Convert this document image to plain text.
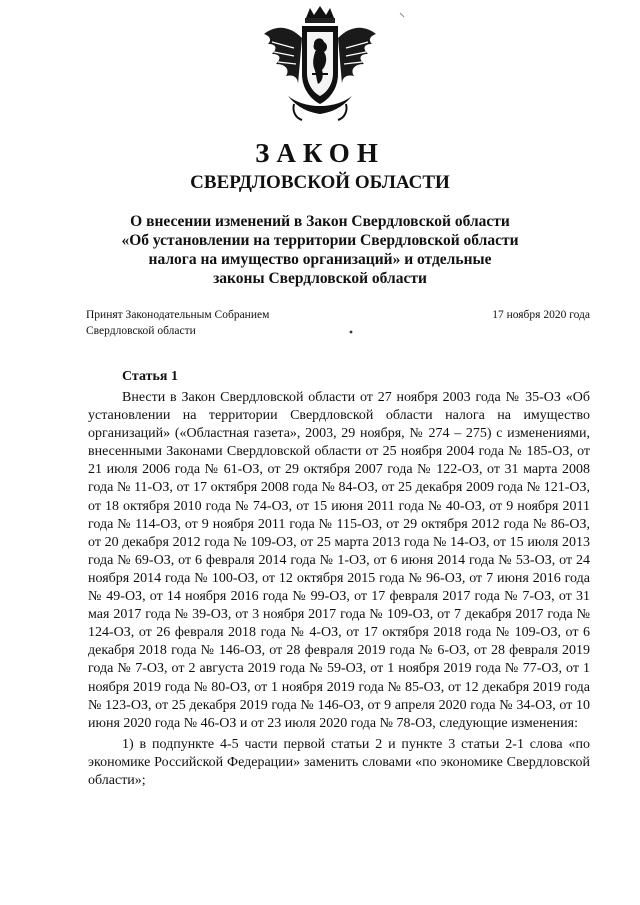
ЗАКОН
СВЕРДЛОВСКОЙ ОБЛАСТИ
О внесении изменений в Закон Свердловской области
«Об установлении на территории Свердловской области
налога на имущество организаций» и отдельные
законы Свердловской области
Принят Законодательным Собранием
Свердловской области
17 ноября 2020 года
Статья 1

Внести в Закон Свердловской области от 27 ноября 2003 года № 35-ОЗ «Об установлении на территории Свердловской области налога на имущество организаций» («Областная газета», 2003, 29 ноября, № 274 – 275) с изменениями, внесенными Законами Свердловской области от 25 ноября 2004 года № 185-ОЗ, от 21 июля 2006 года № 61-ОЗ, от 29 октября 2007 года № 122-ОЗ, от 31 марта 2008 года № 11-ОЗ, от 17 октября 2008 года № 84-ОЗ, от 25 декабря 2009 года № 121-ОЗ, от 18 октября 2010 года № 74-ОЗ, от 15 июня 2011 года № 40-ОЗ, от 9 ноября 2011 года № 114-ОЗ, от 9 ноября 2011 года № 115-ОЗ, от 29 октября 2012 года № 86-ОЗ, от 20 декабря 2012 года № 109-ОЗ, от 25 марта 2013 года № 14-ОЗ, от 15 июля 2013 года № 69-ОЗ, от 6 февраля 2014 года № 1-ОЗ, от 6 июня 2014 года № 53-ОЗ, от 24 ноября 2014 года № 100-ОЗ, от 12 октября 2015 года № 96-ОЗ, от 7 июня 2016 года № 49-ОЗ, от 14 ноября 2016 года № 99-ОЗ, от 17 февраля 2017 года № 7-ОЗ, от 31 мая 2017 года № 39-ОЗ, от 3 ноября 2017 года № 109-ОЗ, от 7 декабря 2017 года № 124-ОЗ, от 26 февраля 2018 года № 4-ОЗ, от 17 октября 2018 года № 109-ОЗ, от 6 декабря 2018 года № 146-ОЗ, от 28 февраля 2019 года № 6-ОЗ, от 28 февраля 2019 года № 7-ОЗ, от 2 августа 2019 года № 59-ОЗ, от 1 ноября 2019 года № 77-ОЗ, от 1 ноября 2019 года № 80-ОЗ, от 1 ноября 2019 года № 85-ОЗ, от 12 декабря 2019 года № 123-ОЗ, от 25 декабря 2019 года № 146-ОЗ, от 9 апреля 2020 года № 34-ОЗ, от 10 июня 2020 года № 46-ОЗ и от 23 июля 2020 года № 78-ОЗ, следующие изменения:

1) в подпункте 4-5 части первой статьи 2 и пункте 3 статьи 2-1 слова «по экономике Российской Федерации» заменить словами «по экономике Свердловской области»;
